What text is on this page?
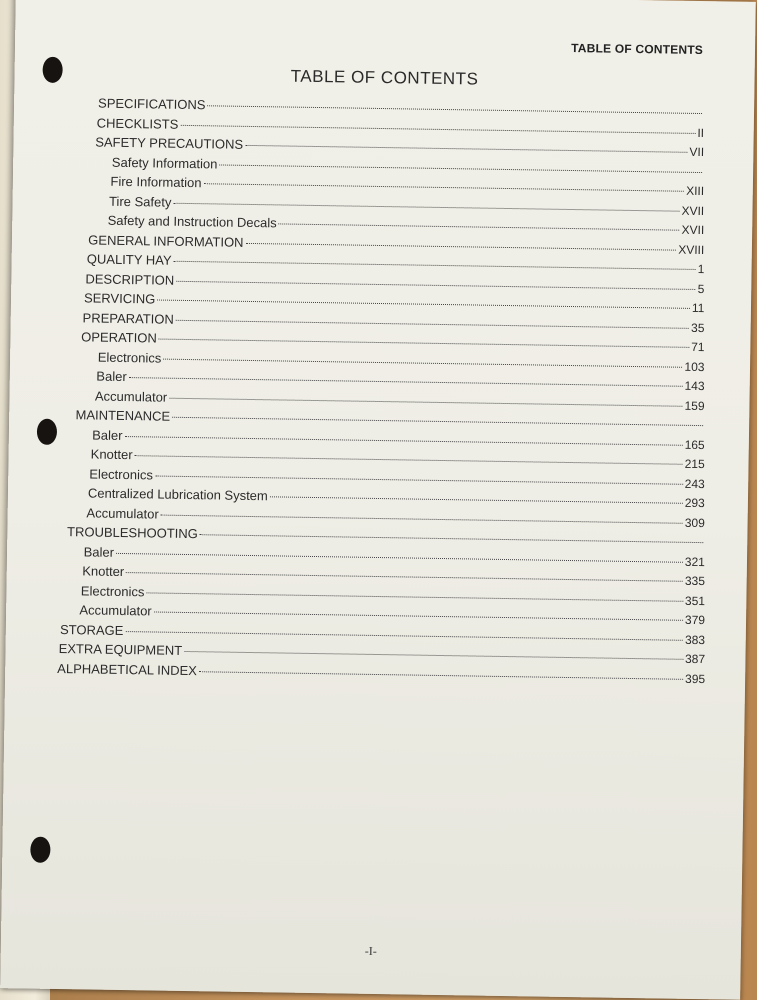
TABLE OF CONTENTS
TABLE OF CONTENTS
SPECIFICATIONS
CHECKLISTS
II
SAFETY PRECAUTIONS
VII
Safety Information
Fire Information
XIII
Tire Safety
XVII
Safety and Instruction Decals	XVII
GENERAL INFORMATION
XVIII
QUALITY HAY
1
DESCRIPTION
5
SERVICING
11
PREPARATION
35
OPERATION
71
Electronics
103
Baler
143
Accumulator
159
MAINTENANCE
Baler
165
Knotter
215
Electronics
243
Centralized Lubrication System	293
Accumulator
309
TROUBLESHOOTING
Baler
321
Knotter
335
Electronics
351
Accumulator
379
STORAGE
383
EXTRA EQUIPMENT
387
ALPHABETICAL INDEX
395
-I-
